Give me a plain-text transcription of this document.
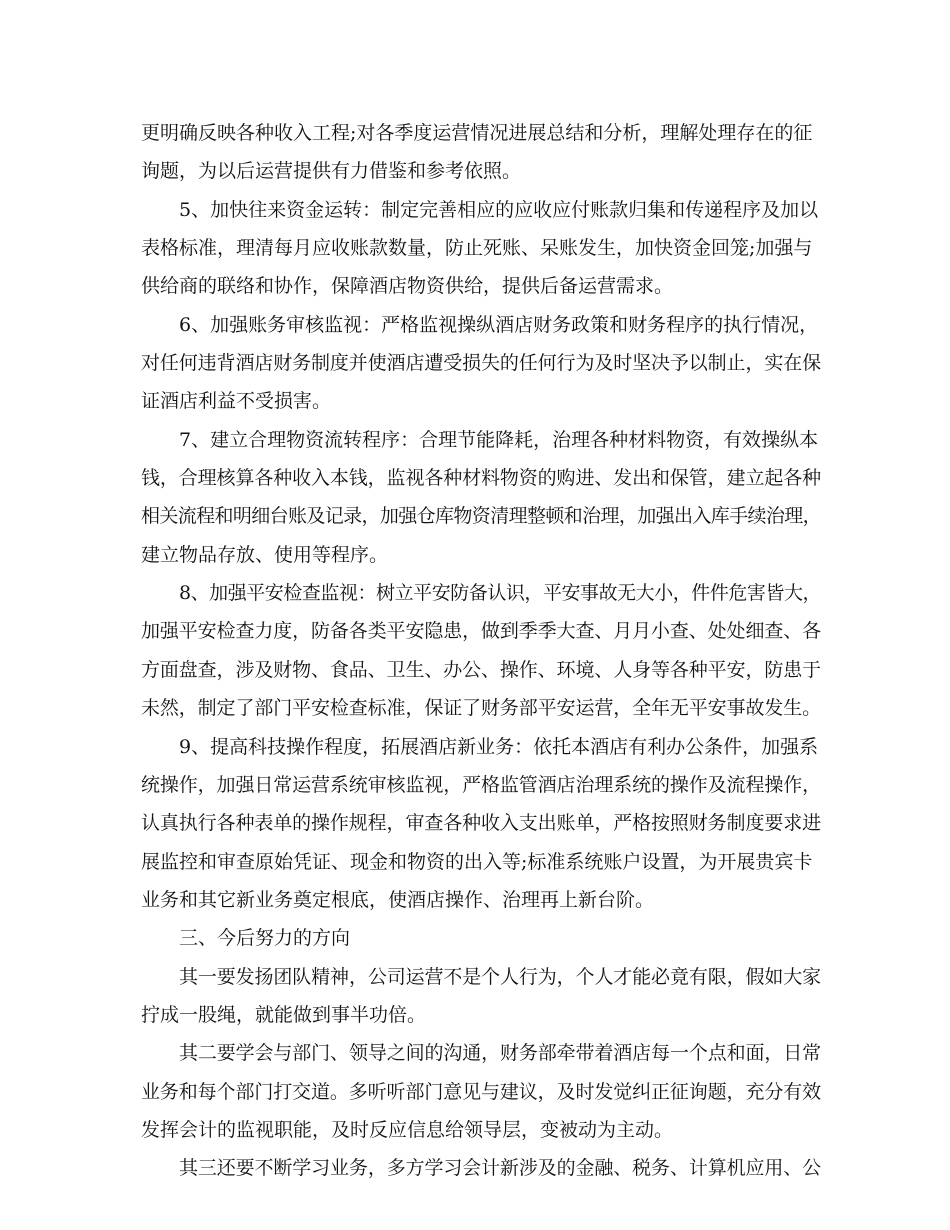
更明确反映各种收入工程;对各季度运营情况进展总结和分析，理解处理存在的征
询题，为以后运营提供有力借鉴和参考依照。
5、加快往来资金运转：制定完善相应的应收应付账款归集和传递程序及加以
表格标准，理清每月应收账款数量，防止死账、呆账发生，加快资金回笼;加强与
供给商的联络和协作，保障酒店物资供给，提供后备运营需求。
6、加强账务审核监视：严格监视操纵酒店财务政策和财务程序的执行情况，
对任何违背酒店财务制度并使酒店遭受损失的任何行为及时坚决予以制止，实在保
证酒店利益不受损害。
7、建立合理物资流转程序：合理节能降耗，治理各种材料物资，有效操纵本
钱，合理核算各种收入本钱，监视各种材料物资的购进、发出和保管，建立起各种
相关流程和明细台账及记录，加强仓库物资清理整顿和治理，加强出入库手续治理，
建立物品存放、使用等程序。
8、加强平安检查监视：树立平安防备认识，平安事故无大小，件件危害皆大，
加强平安检查力度，防备各类平安隐患，做到季季大查、月月小查、处处细查、各
方面盘查，涉及财物、食品、卫生、办公、操作、环境、人身等各种平安，防患于
未然，制定了部门平安检查标准，保证了财务部平安运营，全年无平安事故发生。
9、提高科技操作程度，拓展酒店新业务：依托本酒店有利办公条件，加强系
统操作，加强日常运营系统审核监视，严格监管酒店治理系统的操作及流程操作，
认真执行各种表单的操作规程，审查各种收入支出账单，严格按照财务制度要求进
展监控和审查原始凭证、现金和物资的出入等;标准系统账户设置，为开展贵宾卡
业务和其它新业务奠定根底，使酒店操作、治理再上新台阶。
三、今后努力的方向
其一要发扬团队精神，公司运营不是个人行为，个人才能必竟有限，假如大家
拧成一股绳，就能做到事半功倍。
其二要学会与部门、领导之间的沟通，财务部牵带着酒店每一个点和面，日常
业务和每个部门打交道。多听听部门意见与建议，及时发觉纠正征询题，充分有效
发挥会计的监视职能，及时反应信息给领导层，变被动为主动。
其三还要不断学习业务，多方学习会计新涉及的金融、税务、计算机应用、公
